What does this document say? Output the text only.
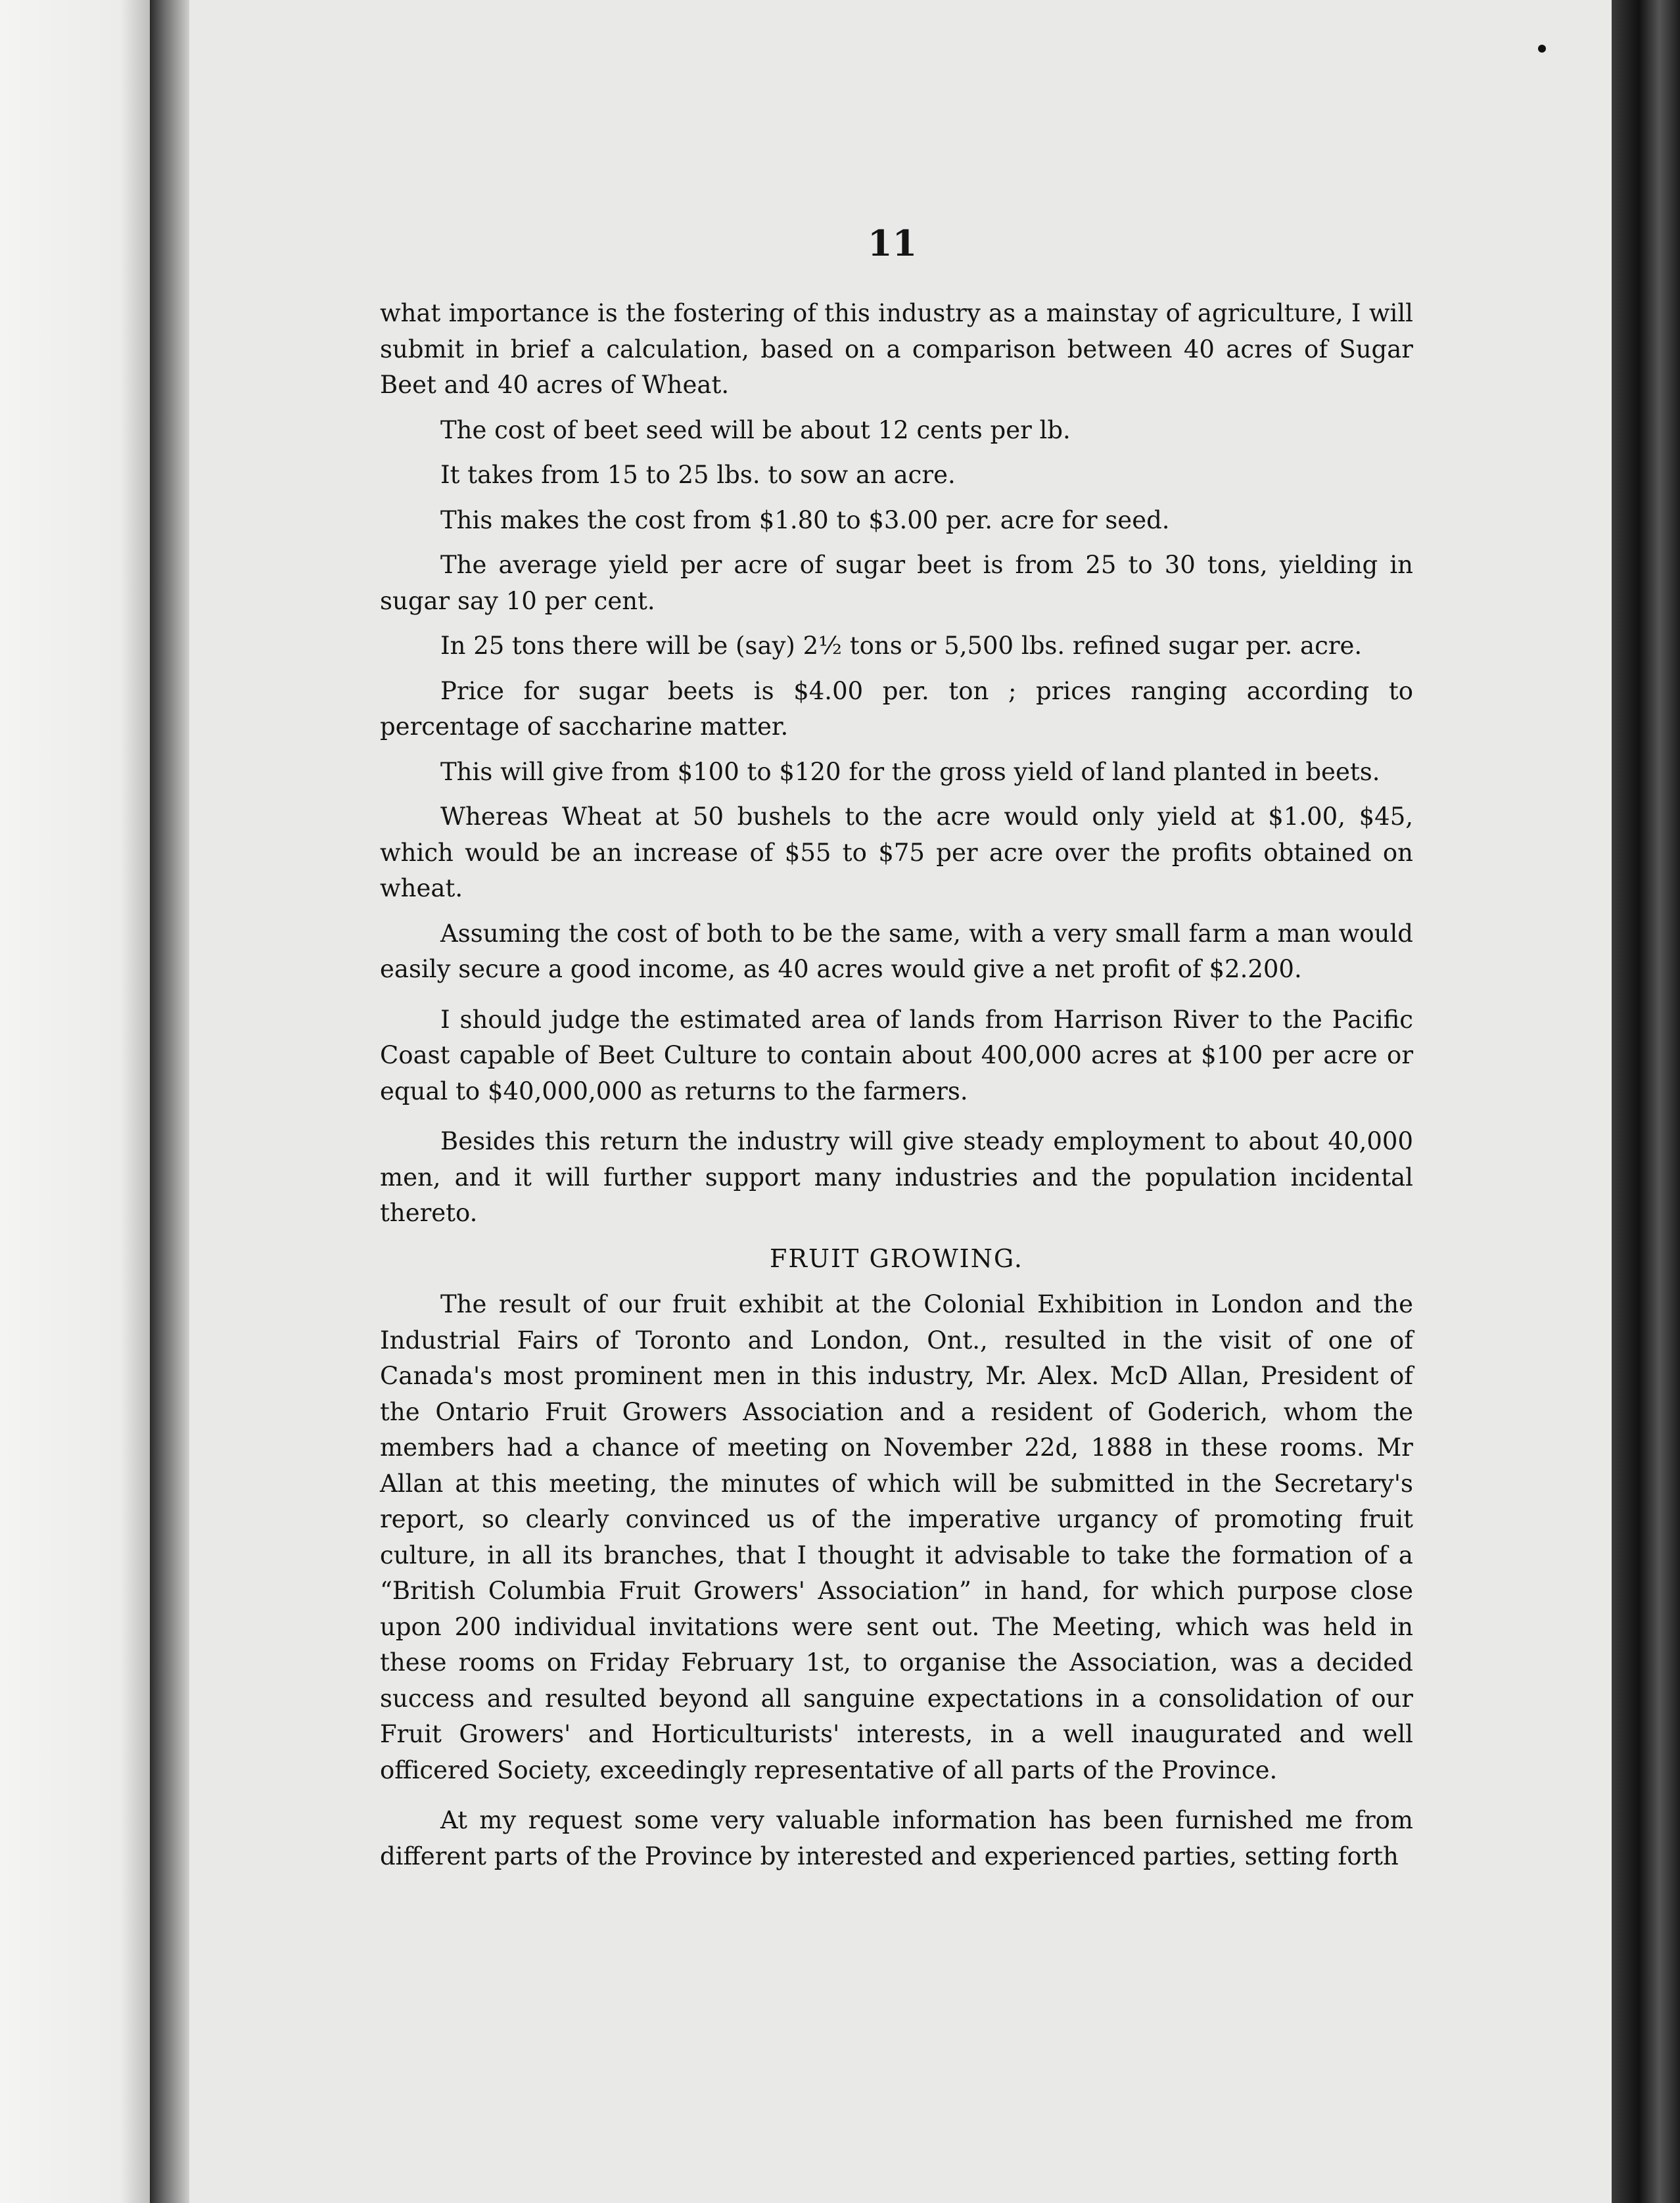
11

what importance is the fostering of this industry as a mainstay of agriculture, I will submit in brief a calculation, based on a comparison between 40 acres of Sugar Beet and 40 acres of Wheat.

The cost of beet seed will be about 12 cents per lb.

It takes from 15 to 25 lbs. to sow an acre.

This makes the cost from $1.80 to $3.00 per. acre for seed.

The average yield per acre of sugar beet is from 25 to 30 tons, yielding in sugar say 10 per cent.

In 25 tons there will be (say) 2½ tons or 5,500 lbs. refined sugar per. acre.

Price for sugar beets is $4.00 per. ton ; prices ranging according to percentage of saccharine matter.

This will give from $100 to $120 for the gross yield of land planted in beets.

Whereas Wheat at 50 bushels to the acre would only yield at $1.00, $45, which would be an increase of $55 to $75 per acre over the profits obtained on wheat.

Assuming the cost of both to be the same, with a very small farm a man would easily secure a good income, as 40 acres would give a net profit of $2.200.

I should judge the estimated area of lands from Harrison River to the Pacific Coast capable of Beet Culture to contain about 400,000 acres at $100 per acre or equal to $40,000,000 as returns to the farmers.

Besides this return the industry will give steady employment to about 40,000 men, and it will further support many industries and the population incidental thereto.

FRUIT GROWING.

The result of our fruit exhibit at the Colonial Exhibition in London and the Industrial Fairs of Toronto and London, Ont., resulted in the visit of one of Canada's most prominent men in this industry, Mr. Alex. McD Allan, President of the Ontario Fruit Growers Association and a resident of Goderich, whom the members had a chance of meeting on November 22d, 1888 in these rooms. Mr Allan at this meeting, the minutes of which will be submitted in the Secretary's report, so clearly convinced us of the imperative urgancy of promoting fruit culture, in all its branches, that I thought it advisable to take the formation of a “British Columbia Fruit Growers' Association” in hand, for which purpose close upon 200 individual invitations were sent out. The Meeting, which was held in these rooms on Friday February 1st, to organise the Association, was a decided success and resulted beyond all sanguine expectations in a consolidation of our Fruit Growers' and Horticulturists' interests, in a well inaugurated and well officered Society, exceedingly representative of all parts of the Province.

At my request some very valuable information has been furnished me from different parts of the Province by interested and experienced parties, setting forth
